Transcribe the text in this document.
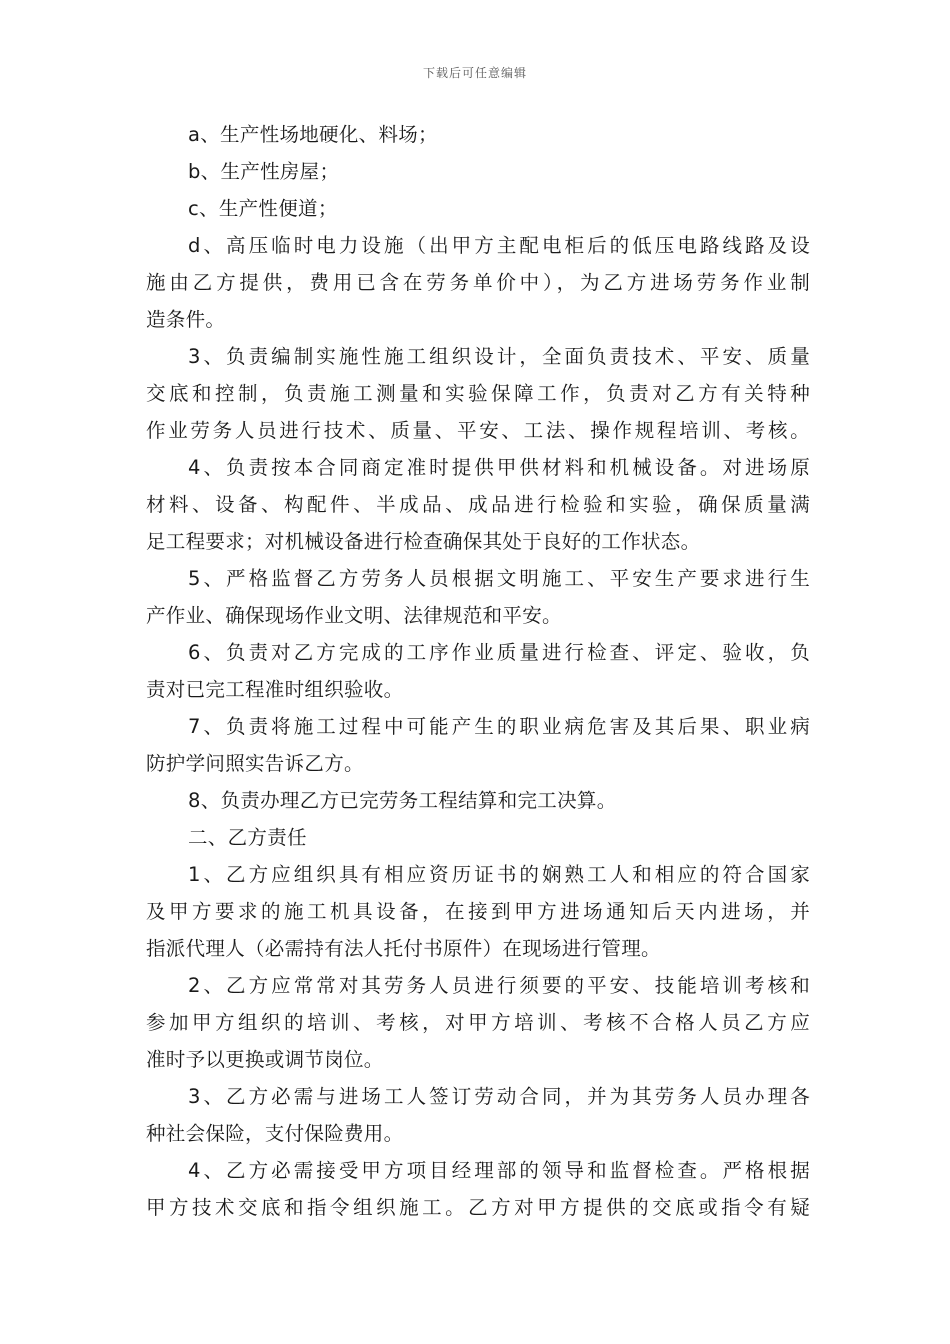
下载后可任意编辑
a、生产性场地硬化、料场；
b、生产性房屋；
c、生产性便道；
d、高压临时电力设施（出甲方主配电柜后的低压电路线路及设
施由乙方提供，费用已含在劳务单价中），为乙方进场劳务作业制
造条件。
3、负责编制实施性施工组织设计，全面负责技术、平安、质量
交底和控制，负责施工测量和实验保障工作，负责对乙方有关特种
作业劳务人员进行技术、质量、平安、工法、操作规程培训、考核。
4、负责按本合同商定准时提供甲供材料和机械设备。对进场原
材料、设备、构配件、半成品、成品进行检验和实验，确保质量满
足工程要求；对机械设备进行检查确保其处于良好的工作状态。
5、严格监督乙方劳务人员根据文明施工、平安生产要求进行生
产作业、确保现场作业文明、法律规范和平安。
6、负责对乙方完成的工序作业质量进行检查、评定、验收，负
责对已完工程准时组织验收。
7、负责将施工过程中可能产生的职业病危害及其后果、职业病
防护学问照实告诉乙方。
8、负责办理乙方已完劳务工程结算和完工决算。
二、乙方责任
1、乙方应组织具有相应资历证书的娴熟工人和相应的符合国家
及甲方要求的施工机具设备，在接到甲方进场通知后天内进场，并
指派代理人（必需持有法人托付书原件）在现场进行管理。
2、乙方应常常对其劳务人员进行须要的平安、技能培训考核和
参加甲方组织的培训、考核，对甲方培训、考核不合格人员乙方应
准时予以更换或调节岗位。
3、乙方必需与进场工人签订劳动合同，并为其劳务人员办理各
种社会保险，支付保险费用。
4、乙方必需接受甲方项目经理部的领导和监督检查。严格根据
甲方技术交底和指令组织施工。乙方对甲方提供的交底或指令有疑
